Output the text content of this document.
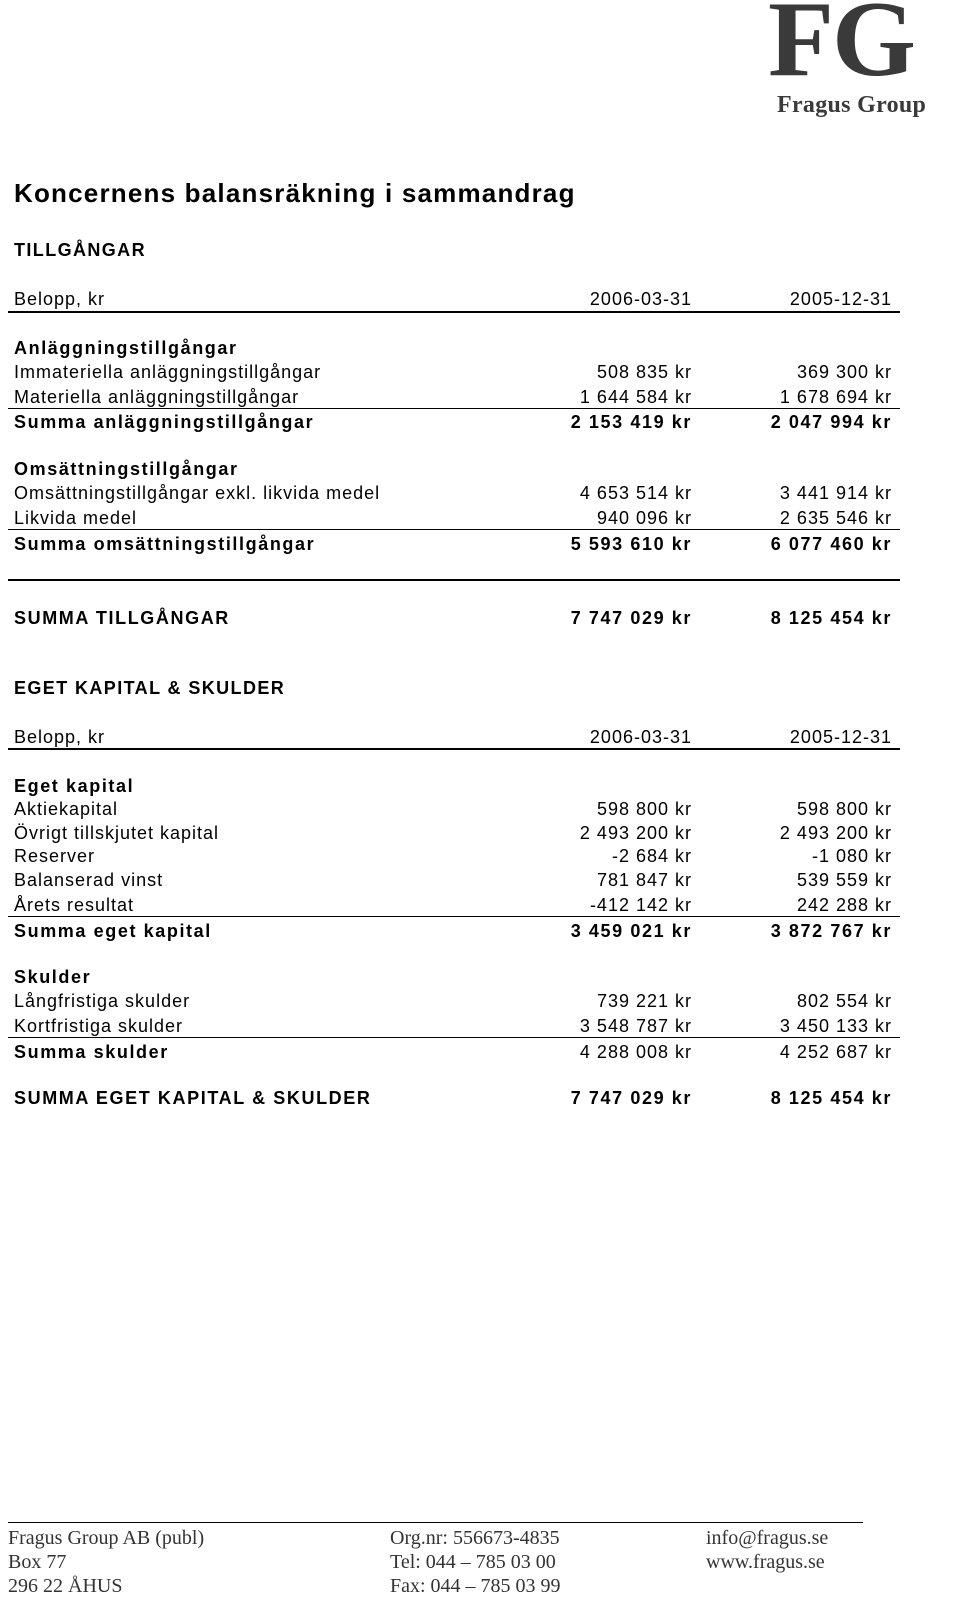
FG
Fragus Group
Koncernens balansräkning i sammandrag
TILLGÅNGAR
Belopp, kr	2006-03-31	2005-12-31
Anläggningstillgångar
Immateriella anläggningstillgångar	508 835 kr	369 300 kr
Materiella anläggningstillgångar	1 644 584 kr	1 678 694 kr
Summa anläggningstillgångar	2 153 419 kr	2 047 994 kr
Omsättningstillgångar
Omsättningstillgångar exkl. likvida medel	4 653 514 kr	3 441 914 kr
Likvida medel	940 096 kr	2 635 546 kr
Summa omsättningstillgångar	5 593 610 kr	6 077 460 kr
SUMMA TILLGÅNGAR	7 747 029 kr	8 125 454 kr
EGET KAPITAL & SKULDER
Belopp, kr	2006-03-31	2005-12-31
Eget kapital
Aktiekapital	598 800 kr	598 800 kr
Övrigt tillskjutet kapital	2 493 200 kr	2 493 200 kr
Reserver	-2 684 kr	-1 080 kr
Balanserad vinst	781 847 kr	539 559 kr
Årets resultat	-412 142 kr	242 288 kr
Summa eget kapital	3 459 021 kr	3 872 767 kr
Skulder
Långfristiga skulder	739 221 kr	802 554 kr
Kortfristiga skulder	3 548 787 kr	3 450 133 kr
Summa skulder	4 288 008 kr	4 252 687 kr
SUMMA EGET KAPITAL & SKULDER	7 747 029 kr	8 125 454 kr
Fragus Group AB (publ)
Box 77
296 22 ÅHUS
Org.nr: 556673-4835
Tel: 044 – 785 03 00
Fax: 044 – 785 03 99
info@fragus.se
www.fragus.se
